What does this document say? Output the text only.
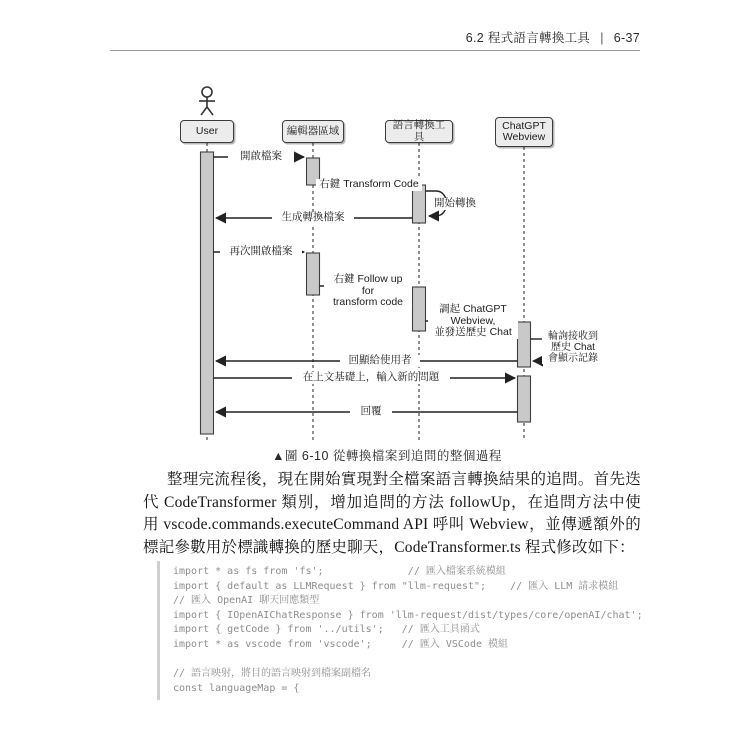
6.2 程式語言轉換工具 | 6-37
User	編輯器區域	語言轉換工具
ChatGPT Webview
開啟檔案
右鍵 Transform Code
開始轉換
生成轉換檔案
再次開啟檔案
右鍵 Follow up for
transform code
調起 ChatGPT
Webview,
並發送歷史 Chat	輪詢接收到
歷史 Chat
會顯示記錄
回顯給使用者
在上文基礎上，輸入新的問題
回覆
▲圖 6-10 從轉換檔案到追問的整個過程
整理完流程後，現在開始實現對全檔案語言轉換結果的追問。首先迭代 CodeTransformer 類別，增加追問的方法 followUp，在追問方法中使用 vscode.commands.executeCommand API 呼叫 Webview，並傳遞額外的標記參數用於標識轉換的歷史聊天，CodeTransformer.ts 程式修改如下：
import * as fs from 'fs';              // 匯入檔案系統模組
import { default as LLMRequest } from "llm-request";    // 匯入 LLM 請求模組
// 匯入 OpenAI 聊天回應類型
import { IOpenAIChatResponse } from 'llm-request/dist/types/core/openAI/chat';
import { getCode } from '../utils';   // 匯入工具函式
import * as vscode from 'vscode';     // 匯入 VSCode 模組
// 語言映射，將目的語言映射到檔案副檔名
const languageMap = {
